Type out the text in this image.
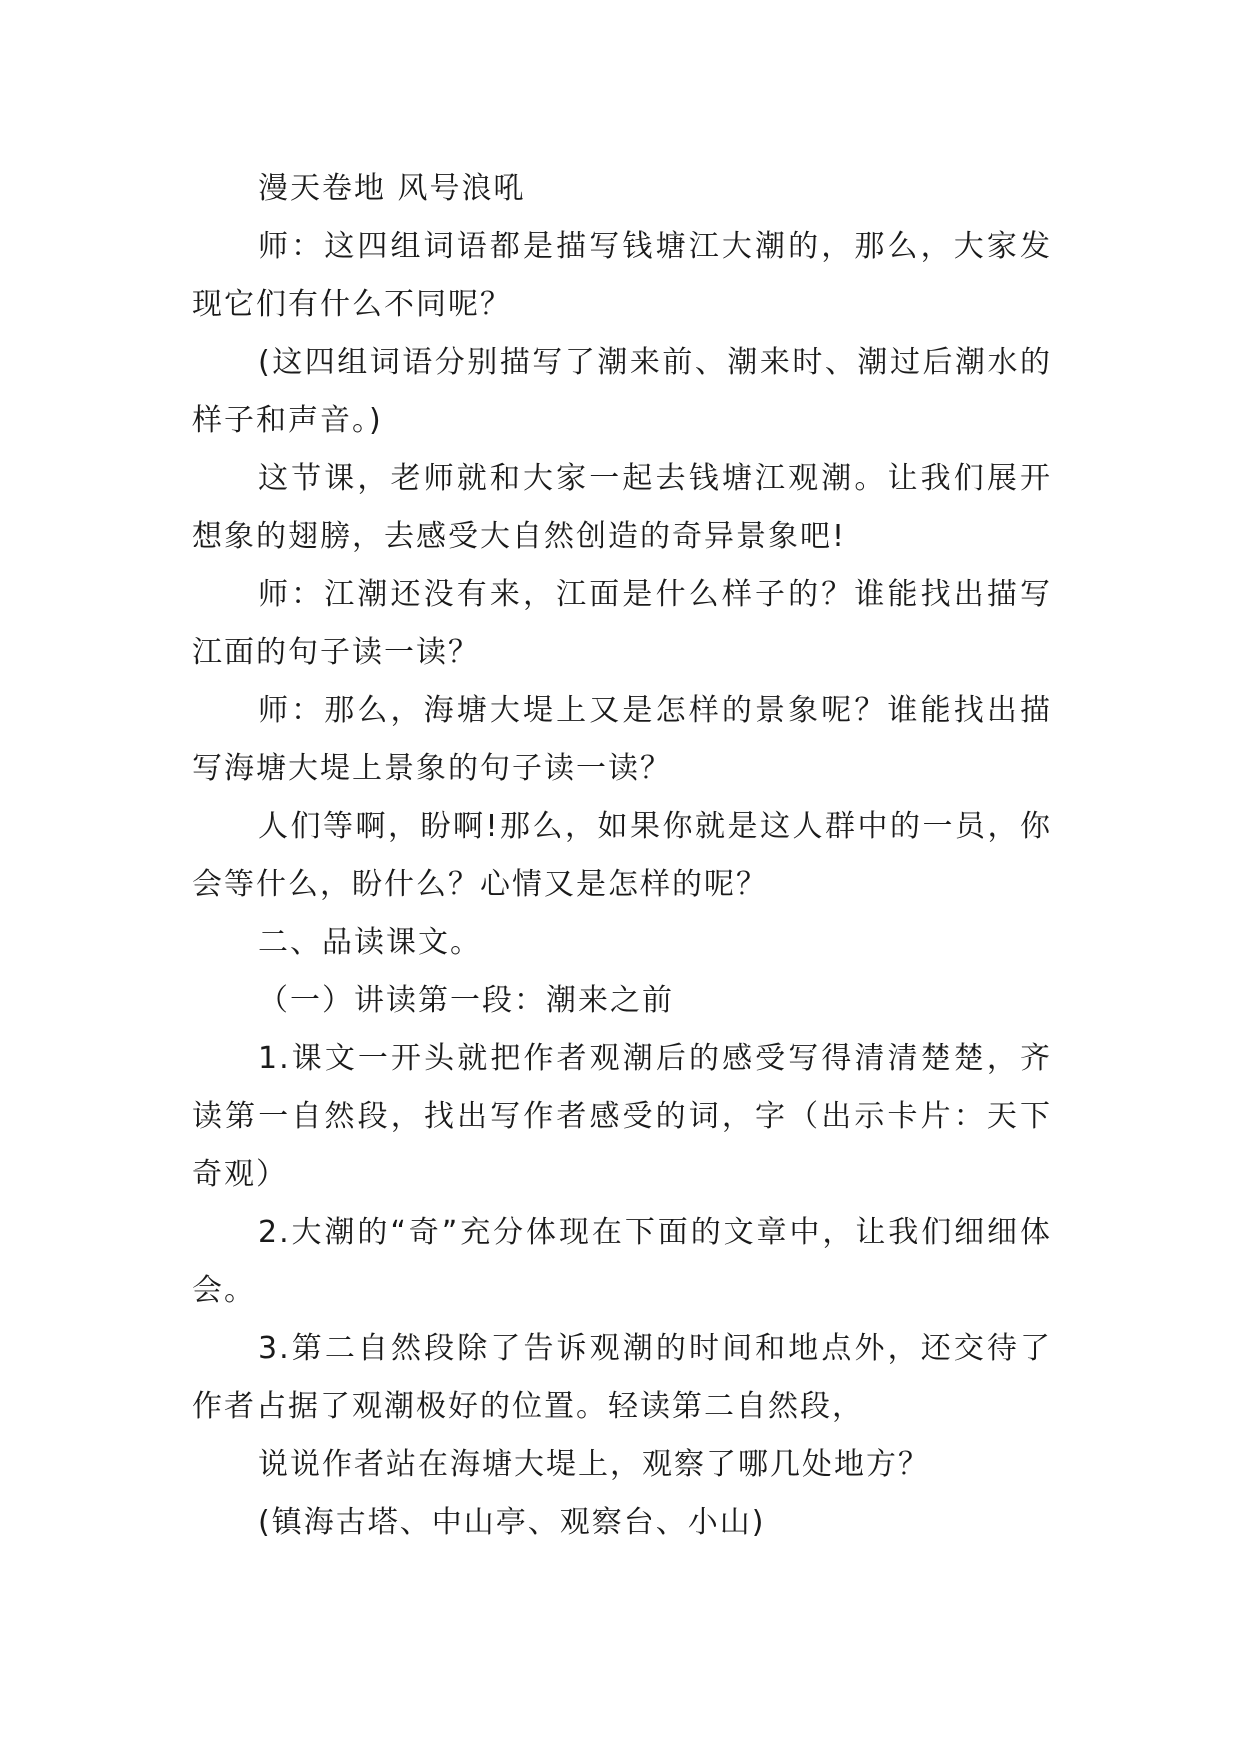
漫天卷地 风号浪吼

师：这四组词语都是描写钱塘江大潮的，那么，大家发现它们有什么不同呢？

(这四组词语分别描写了潮来前、潮来时、潮过后潮水的样子和声音。)

这节课，老师就和大家一起去钱塘江观潮。让我们展开想象的翅膀，去感受大自然创造的奇异景象吧!

师：江潮还没有来，江面是什么样子的？谁能找出描写江面的句子读一读？

师：那么，海塘大堤上又是怎样的景象呢？谁能找出描写海塘大堤上景象的句子读一读？

人们等啊，盼啊!那么，如果你就是这人群中的一员，你会等什么，盼什么？心情又是怎样的呢？

二、品读课文。

（一）讲读第一段：潮来之前

1.课文一开头就把作者观潮后的感受写得清清楚楚，齐读第一自然段，找出写作者感受的词，字（出示卡片：天下奇观）

2.大潮的“奇”充分体现在下面的文章中，让我们细细体会。

3.第二自然段除了告诉观潮的时间和地点外，还交待了作者占据了观潮极好的位置。轻读第二自然段，

说说作者站在海塘大堤上，观察了哪几处地方？

(镇海古塔、中山亭、观察台、小山)
